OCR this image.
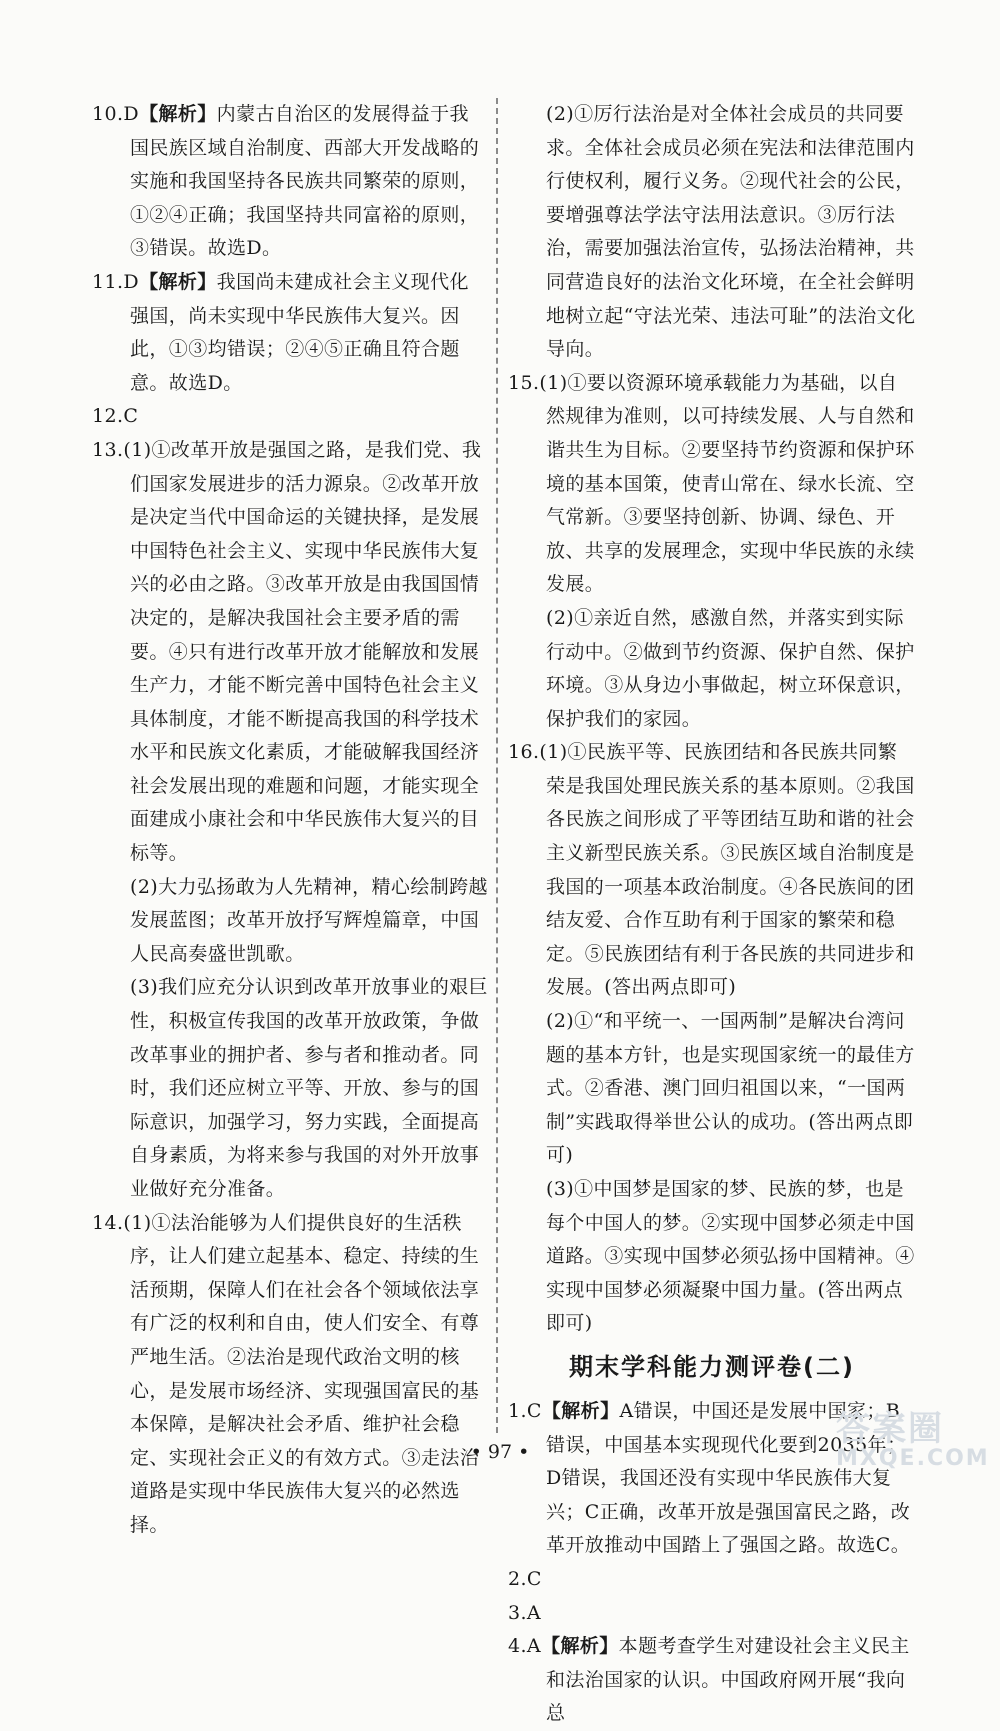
10.D【解析】内蒙古自治区的发展得益于我国民族区域自治制度、西部大开发战略的实施和我国坚持各民族共同繁荣的原则，①②④正确；我国坚持共同富裕的原则，③错误。故选D。

11.D【解析】我国尚未建成社会主义现代化强国，尚未实现中华民族伟大复兴。因此，①③均错误；②④⑤正确且符合题意。故选D。

12.C

13.(1)①改革开放是强国之路，是我们党、我们国家发展进步的活力源泉。②改革开放是决定当代中国命运的关键抉择，是发展中国特色社会主义、实现中华民族伟大复兴的必由之路。③改革开放是由我国国情决定的，是解决我国社会主要矛盾的需要。④只有进行改革开放才能解放和发展生产力，才能不断完善中国特色社会主义具体制度，才能不断提高我国的科学技术水平和民族文化素质，才能破解我国经济社会发展出现的难题和问题，才能实现全面建成小康社会和中华民族伟大复兴的目标等。

(2)大力弘扬敢为人先精神，精心绘制跨越发展蓝图；改革开放抒写辉煌篇章，中国人民高奏盛世凯歌。

(3)我们应充分认识到改革开放事业的艰巨性，积极宣传我国的改革开放政策，争做改革事业的拥护者、参与者和推动者。同时，我们还应树立平等、开放、参与的国际意识，加强学习，努力实践，全面提高自身素质，为将来参与我国的对外开放事业做好充分准备。

14.(1)①法治能够为人们提供良好的生活秩序，让人们建立起基本、稳定、持续的生活预期，保障人们在社会各个领域依法享有广泛的权利和自由，使人们安全、有尊严地生活。②法治是现代政治文明的核心，是发展市场经济、实现强国富民的基本保障，是解决社会矛盾、维护社会稳定、实现社会正义的有效方式。③走法治道路是实现中华民族伟大复兴的必然选择。

(2)①厉行法治是对全体社会成员的共同要求。全体社会成员必须在宪法和法律范围内行使权利，履行义务。②现代社会的公民，要增强尊法学法守法用法意识。③厉行法治，需要加强法治宣传，弘扬法治精神，共同营造良好的法治文化环境，在全社会鲜明地树立起“守法光荣、违法可耻”的法治文化导向。

15.(1)①要以资源环境承载能力为基础，以自然规律为准则，以可持续发展、人与自然和谐共生为目标。②要坚持节约资源和保护环境的基本国策，使青山常在、绿水长流、空气常新。③要坚持创新、协调、绿色、开放、共享的发展理念，实现中华民族的永续发展。

(2)①亲近自然，感激自然，并落实到实际行动中。②做到节约资源、保护自然、保护环境。③从身边小事做起，树立环保意识，保护我们的家园。

16.(1)①民族平等、民族团结和各民族共同繁荣是我国处理民族关系的基本原则。②我国各民族之间形成了平等团结互助和谐的社会主义新型民族关系。③民族区域自治制度是我国的一项基本政治制度。④各民族间的团结友爱、合作互助有利于国家的繁荣和稳定。⑤民族团结有利于各民族的共同进步和发展。(答出两点即可)

(2)①“和平统一、一国两制”是解决台湾问题的基本方针，也是实现国家统一的最佳方式。②香港、澳门回归祖国以来，“一国两制”实践取得举世公认的成功。(答出两点即可)

(3)①中国梦是国家的梦、民族的梦，也是每个中国人的梦。②实现中国梦必须走中国道路。③实现中国梦必须弘扬中国精神。④实现中国梦必须凝聚中国力量。(答出两点即可)

期末学科能力测评卷(二)

1.C【解析】A错误，中国还是发展中国家；B错误，中国基本实现现代化要到2035年；D错误，我国还没有实现中华民族伟大复兴；C正确，改革开放是强国富民之路，改革开放推动中国踏上了强国之路。故选C。

2.C

3.A

4.A【解析】本题考查学生对建设社会主义民主和法治国家的认识。中国政府网开展“我向总

• 97 •
答案圈
MXQE.COM
